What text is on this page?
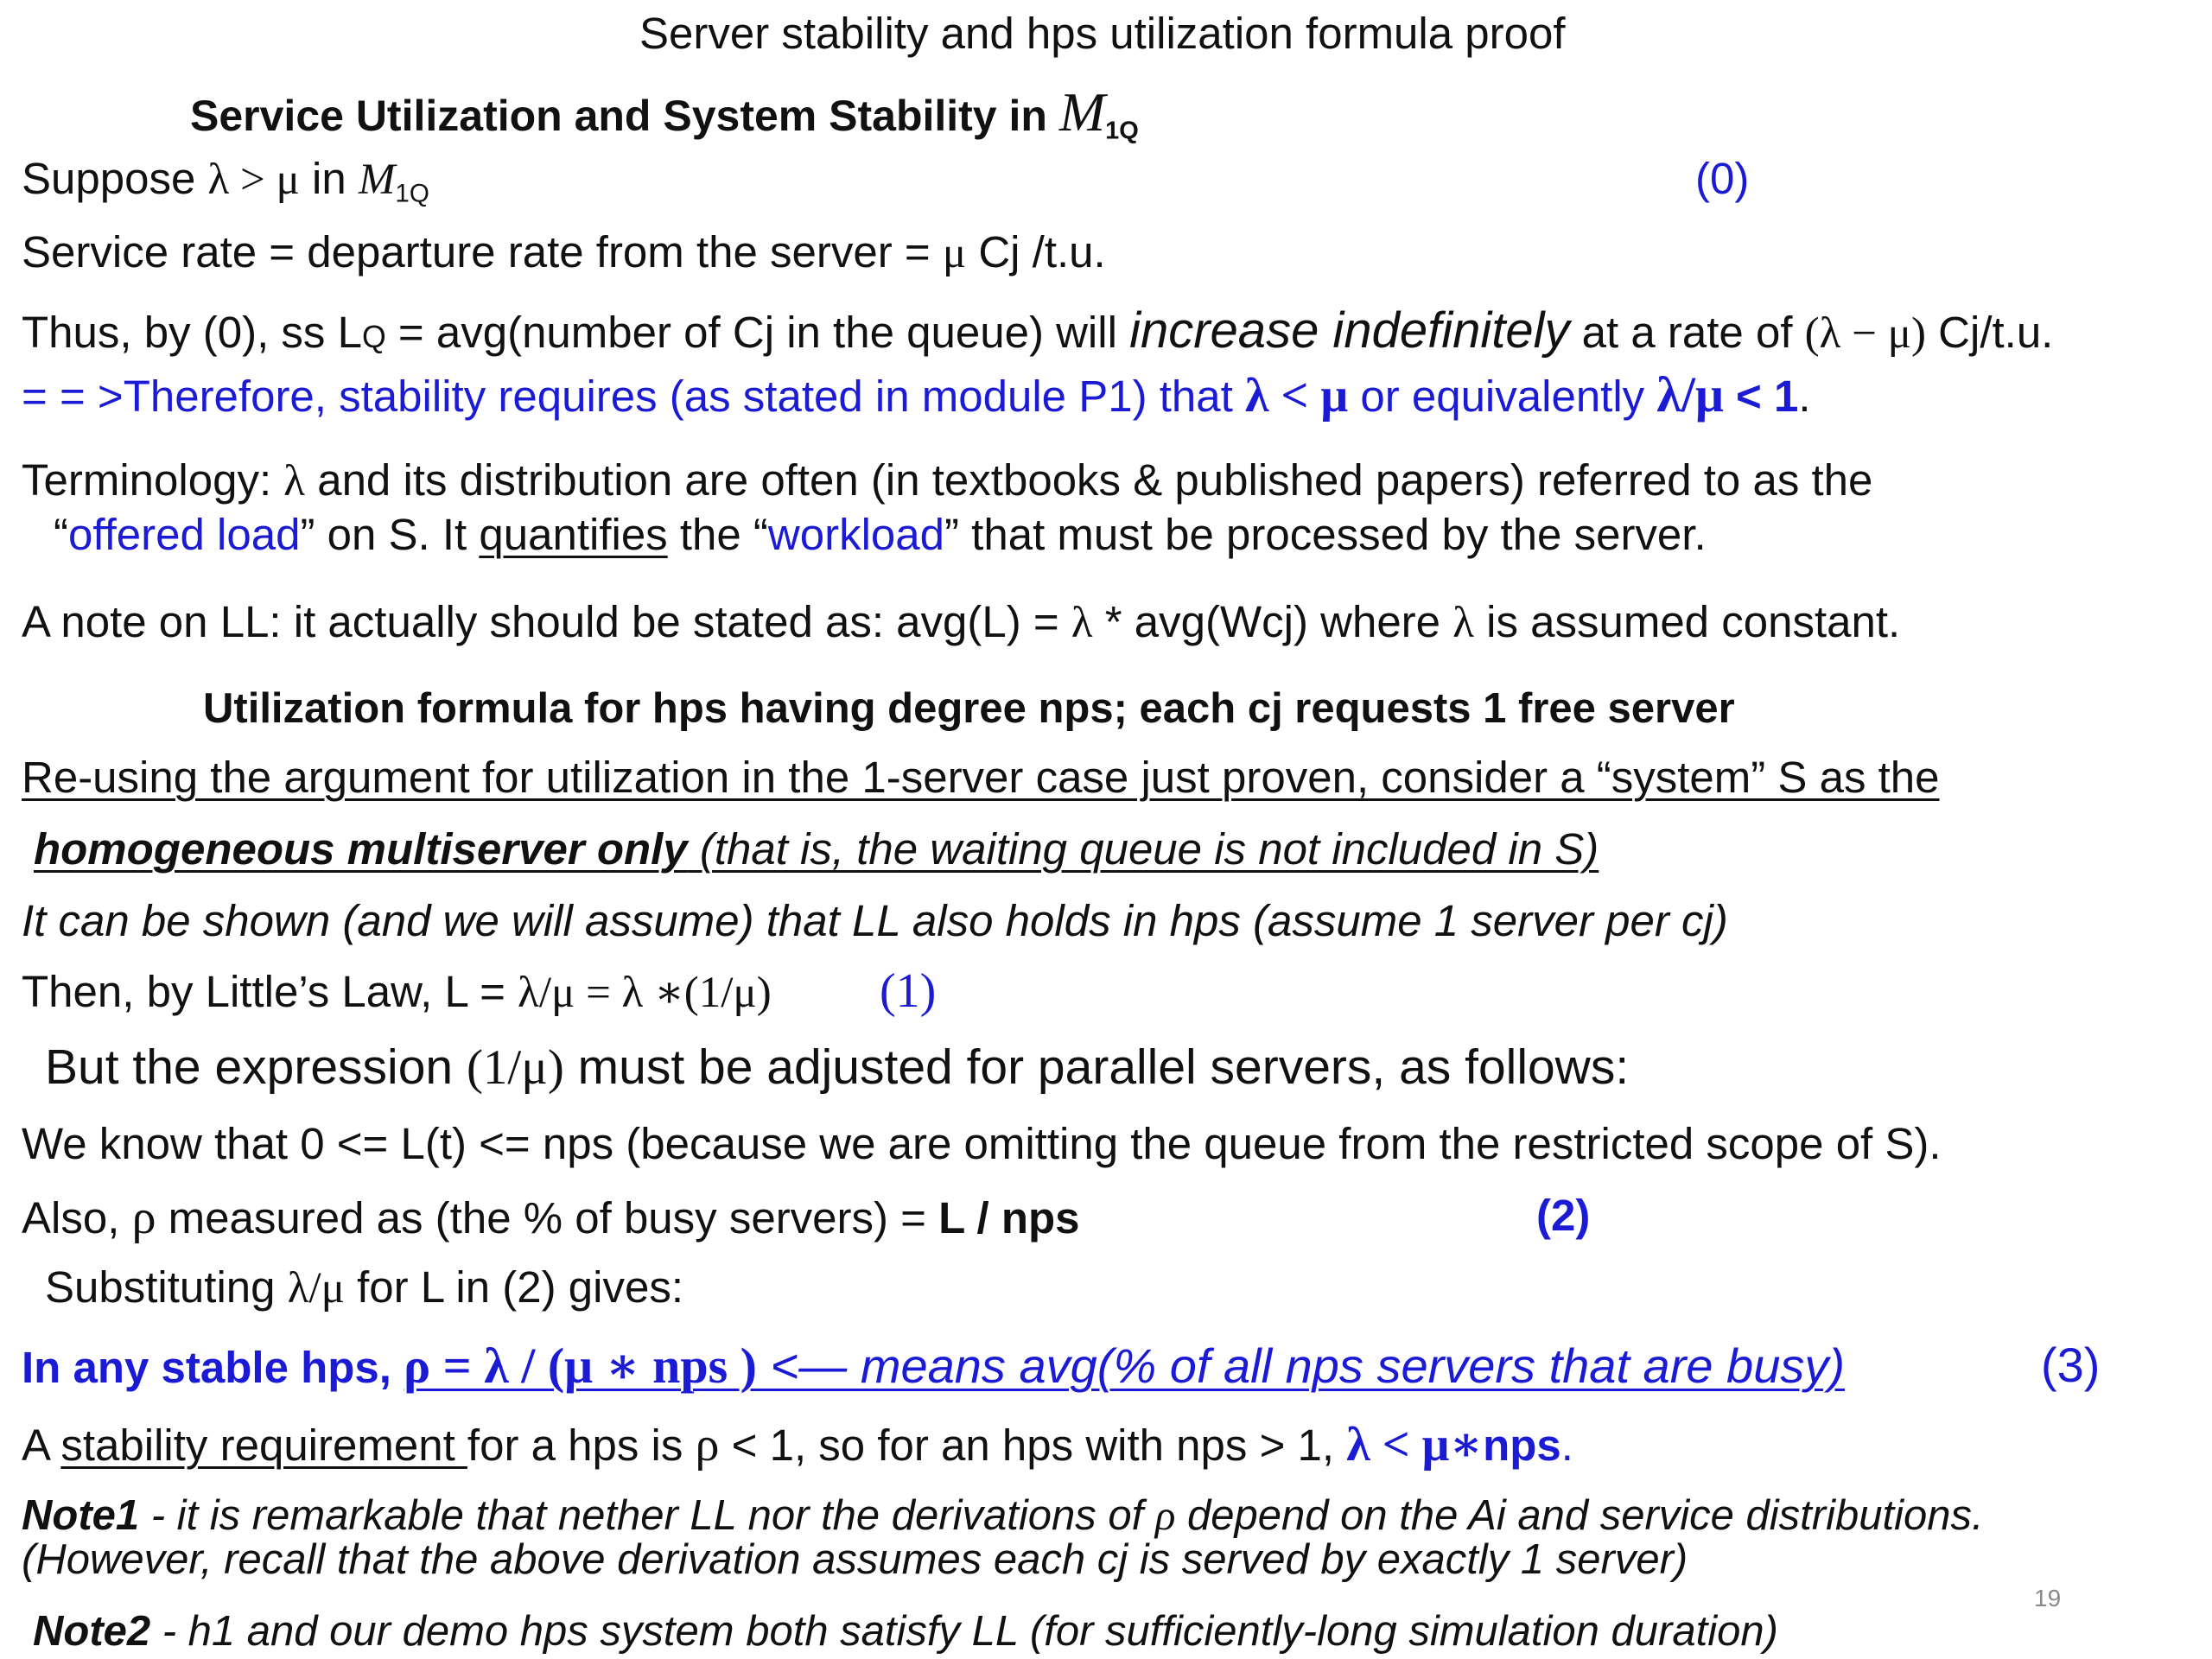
Server stability and hps utilization formula proof
Service Utilization and System Stability in $M_{1Q}$
Suppose λ > μ in M1Q	(0)
Service rate = departure rate from the server = μ Cj /t.u.
Thus, by (0), ss LQ = avg(number of Cj in the queue) will increase indefinitely at a rate of (λ − μ) Cj/t.u.
= = >Therefore, stability requires (as stated in module P1) that λ < μ or equivalently λ/μ < 1.
Terminology: λ and its distribution are often (in textbooks & published papers) referred to as the
“offered load” on S. It quantifies the “workload” that must be processed by the server.
A note on LL: it actually should be stated as: avg(L) = λ * avg(Wcj) where λ is assumed constant.
Utilization formula for hps having degree nps; each cj requests 1 free server
Re-using the argument for utilization in the 1-server case just proven, consider a “system” S as the
homogeneous multiserver only (that is, the waiting queue is not included in S)
It can be shown (and we will assume) that LL also holds in hps (assume 1 server per cj)
Then, by Little’s Law, L = λ/μ = λ ∗(1/μ) (1)
But the expression (1/μ) must be adjusted for parallel servers, as follows:
We know that 0 <= L(t) <= nps (because we are omitting the queue from the restricted scope of S).
Also, ρ measured as (the % of busy servers) = L / nps	(2)
Substituting λ/μ for L in (2) gives:
In any stable hps, ρ = λ / (μ ∗ nps ) <— means avg(% of all nps servers that are busy)	(3)
A stability requirement for a hps is ρ < 1, so for an hps with nps > 1, λ < μ∗nps.
Note1 - it is remarkable that nether LL nor the derivations of ρ depend on the Ai and service distributions.
(However, recall that the above derivation assumes each cj is served by exactly 1 server)
19
Note2 - h1 and our demo hps system both satisfy LL (for sufficiently-long simulation duration)
